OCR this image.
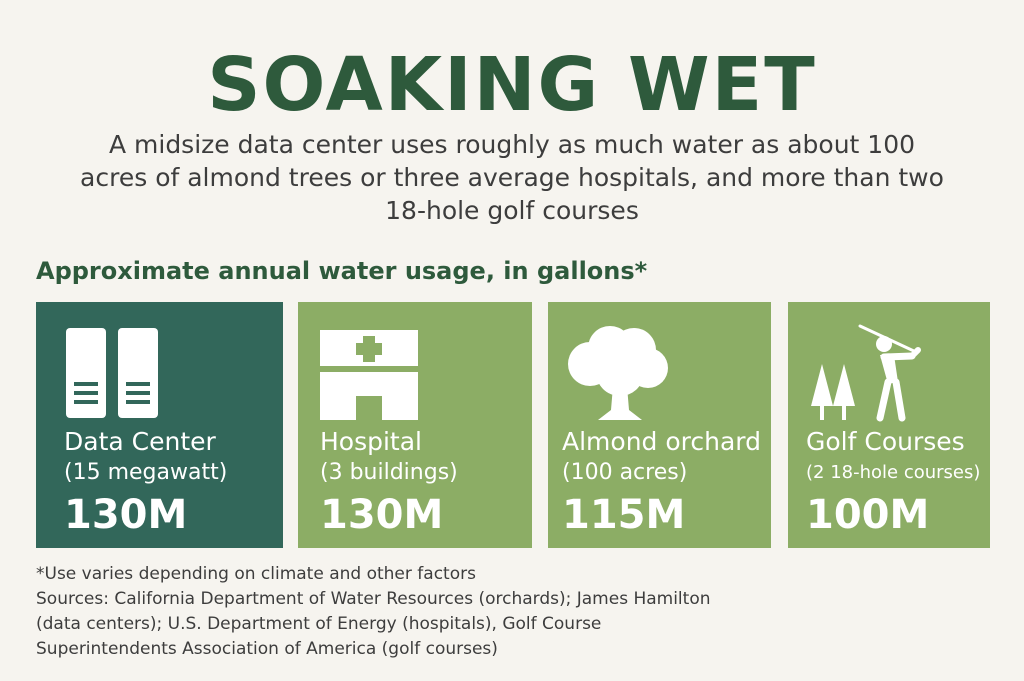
SOAKING WET
A midsize data center uses roughly as much water as about 100
acres of almond trees or three average hospitals, and more than two
18-hole golf courses
Approximate annual water usage, in gallons*
Data Center
(15 megawatt)
130M
Hospital
(3 buildings)
130M
Almond orchard
(100 acres)
115M
Golf Courses
(2 18-hole courses)
100M
*Use varies depending on climate and other factors
Sources: California Department of Water Resources (orchards); James Hamilton
(data centers); U.S. Department of Energy (hospitals), Golf Course
Superintendents Association of America (golf courses)
